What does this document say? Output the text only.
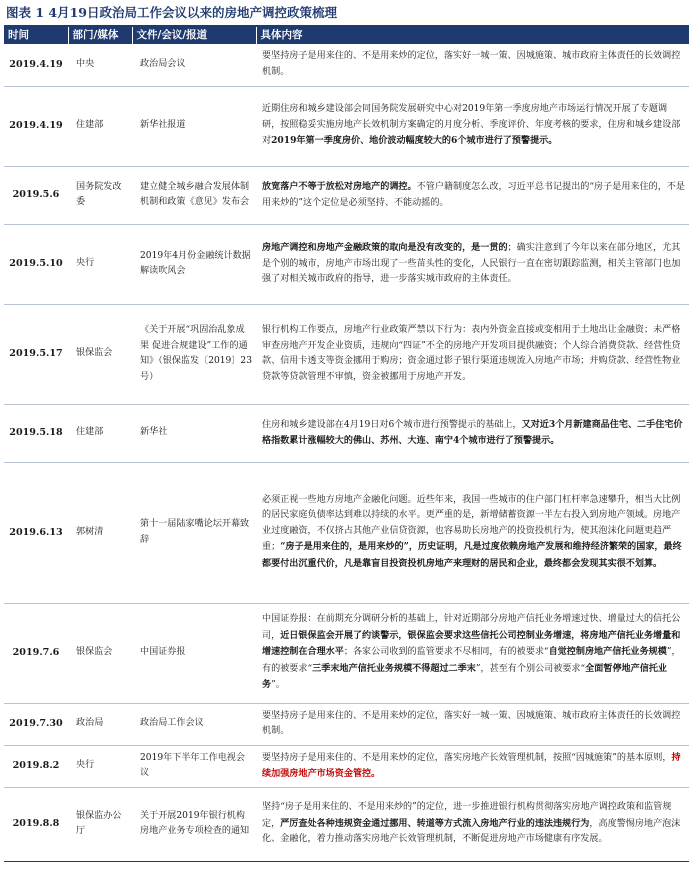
图表 1 4月19日政治局工作会议以来的房地产调控政策梳理
时间	部门/媒体	文件/会议/报道	具体内容
2019.4.19	中央	政治局会议	要坚持房子是用来住的、不是用来炒的定位，落实好一城一策、因城施策、城市政府主体责任的长效调控机制。
2019.4.19	住建部	新华社报道	近期住房和城乡建设部会同国务院发展研究中心对2019年第一季度房地产市场运行情况开展了专题调研，按照稳妥实施房地产长效机制方案确定的月度分析、季度评价、年度考核的要求，住房和城乡建设部对2019年第一季度房价、地价波动幅度较大的6个城市进行了预警提示。
2019.5.6	国务院发改委	建立健全城乡融合发展体制机制和政策《意见》发布会	放宽落户不等于放松对房地产的调控。不管户籍制度怎么改，习近平总书记提出的“房子是用来住的，不是用来炒的”这个定位是必须坚持、不能动摇的。
2019.5.10	央行	2019年4月份金融统计数据解读吹风会	房地产调控和房地产金融政策的取向是没有改变的，是一贯的；确实注意到了今年以来在部分地区，尤其是个别的城市，房地产市场出现了一些苗头性的变化，人民银行一直在密切跟踪监测，相关主管部门也加强了对相关城市政府的指导，进一步落实城市政府的主体责任。
2019.5.17	银保监会	《关于开展“巩固治乱象成果 促进合规建设”工作的通知》（银保监发〔2019〕23号）	银行机构工作要点，房地产行业政策严禁以下行为：表内外资金直接或变相用于土地出让金融资；未严格审查房地产开发企业资质，违规向“四证”不全的房地产开发项目提供融资；个人综合消费贷款、经营性贷款、信用卡透支等资金挪用于购房；资金通过影子银行渠道违规流入房地产市场；并购贷款、经营性物业贷款等贷款管理不审慎，资金被挪用于房地产开发。
2019.5.18	住建部	新华社	住房和城乡建设部在4月19日对6个城市进行预警提示的基础上，又对近3个月新建商品住宅、二手住宅价格指数累计涨幅较大的佛山、苏州、大连、南宁4个城市进行了预警提示。
2019.6.13	郭树清	第十一届陆家嘴论坛开幕致辞	必须正视一些地方房地产金融化问题。近些年来，我国一些城市的住户部门杠杆率急速攀升，相当大比例的居民家庭负债率达到难以持续的水平。更严重的是，新增储蓄资源一半左右投入到房地产领域。房地产业过度融资，不仅挤占其他产业信贷资源，也容易助长房地产的投资投机行为，使其泡沫化问题更趋严重；“房子是用来住的，是用来炒的”，历史证明，凡是过度依赖房地产发展和维持经济繁荣的国家，最终都要付出沉重代价，凡是靠盲目投资投机房地产来理财的居民和企业，最终都会发现其实很不划算。
2019.7.6	银保监会	中国证券报	中国证券报：在前期充分调研分析的基础上，针对近期部分房地产信托业务增速过快、增量过大的信托公司，近日银保监会开展了约谈警示，银保监会要求这些信托公司控制业务增速，将房地产信托业务增量和增速控制在合理水平；各家公司收到的监管要求不尽相同，有的被要求“自觉控制房地产信托业务规模”，有的被要求“三季末地产信托业务规模不得超过二季末”，甚至有个别公司被要求“全面暂停地产信托业务”。
2019.7.30	政治局	政治局工作会议	要坚持房子是用来住的、不是用来炒的定位，落实好一城一策、因城施策、城市政府主体责任的长效调控机制。
2019.8.2	央行	2019年下半年工作电视会议	要坚持房子是用来住的、不是用来炒的定位，落实房地产长效管理机制，按照“因城施策”的基本原则，持续加强房地产市场资金管控。
2019.8.8	银保监办公厅	关于开展2019年银行机构房地产业务专项检查的通知	坚持“房子是用来住的、不是用来炒的”的定位，进一步推进银行机构贯彻落实房地产调控政策和监管规定，严厉查处各种违规资金通过挪用、转道等方式流入房地产行业的违法违规行为，高度警惕房地产泡沫化、金融化，着力推动落实房地产长效管理机制，不断促进房地产市场健康有序发展。
